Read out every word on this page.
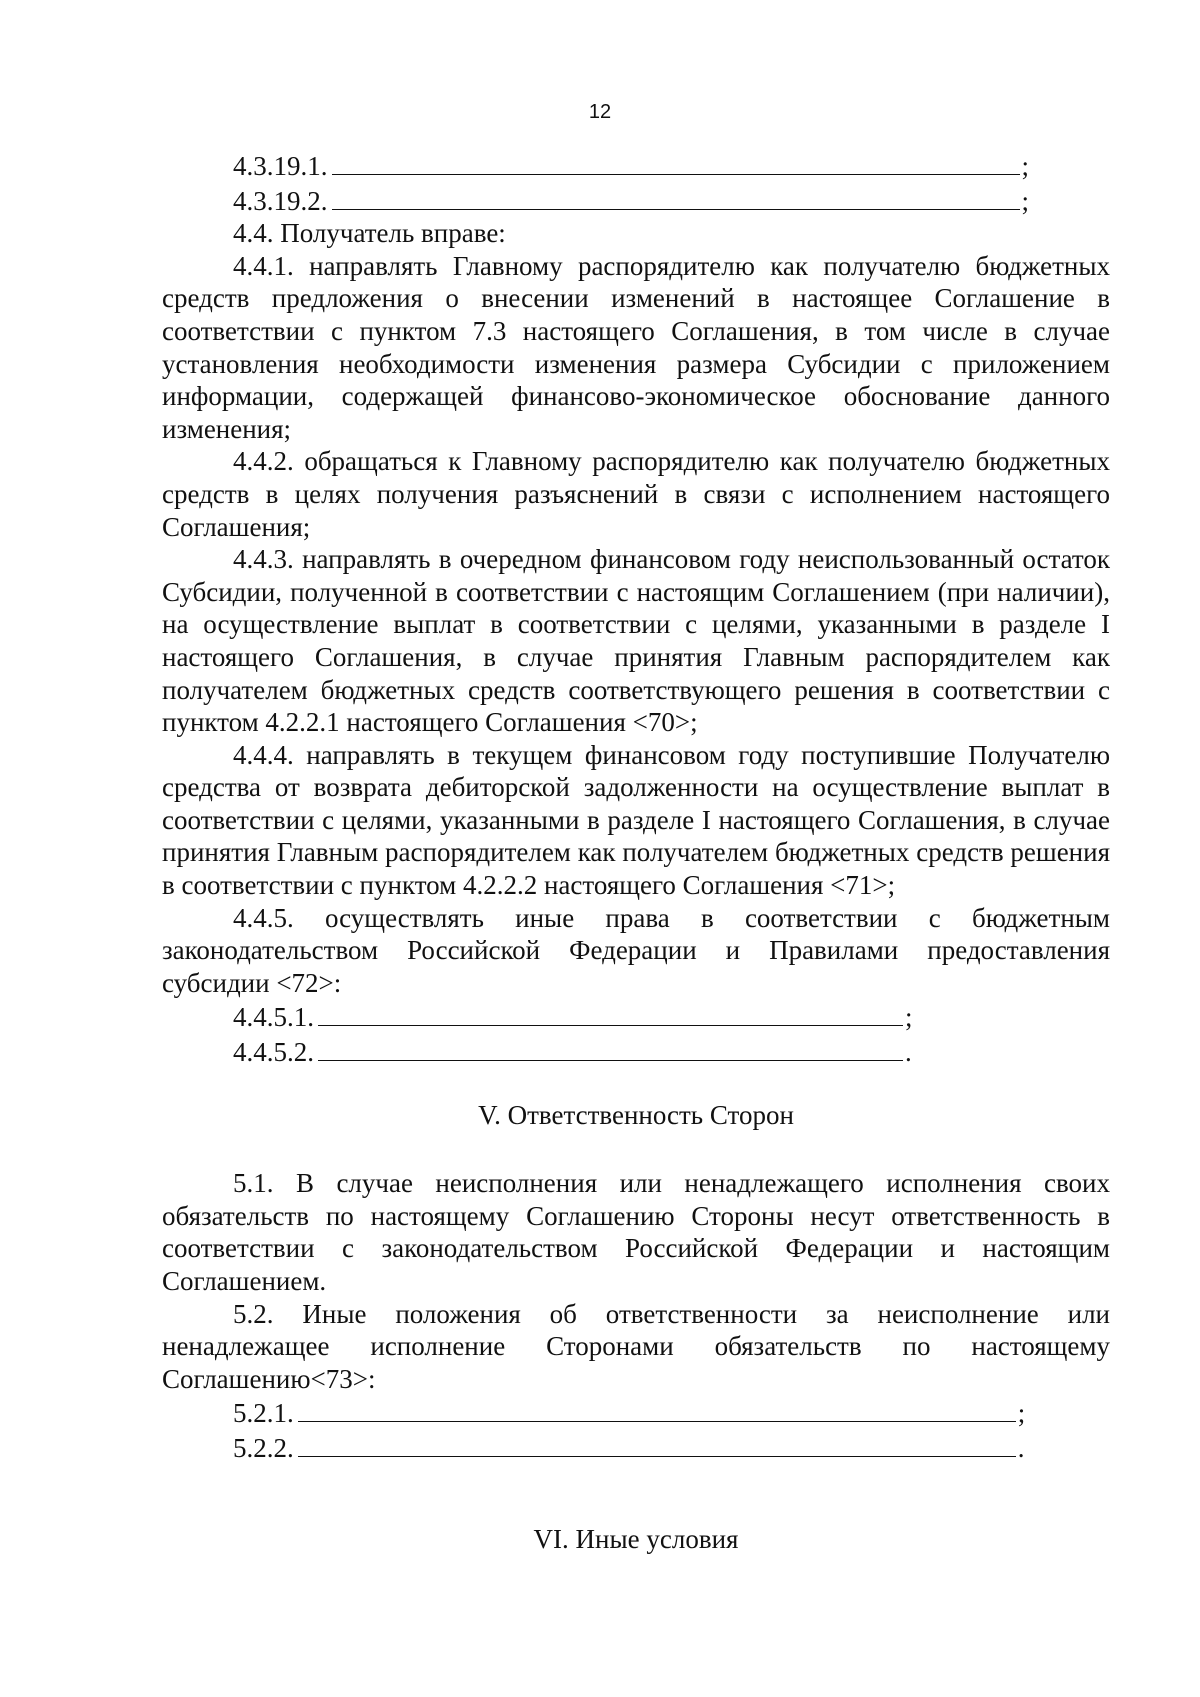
12
4.3.19.1.	;
4.3.19.2.	;

4.4. Получатель вправе:

4.4.1. направлять Главному распорядителю как получателю бюджетных средств предложения о внесении изменений в настоящее Соглашение в соответствии с пунктом 7.3 настоящего Соглашения, в том числе в случае установления необходимости изменения размера Субсидии с приложением информации, содержащей финансово-экономическое обоснование данного изменения;

4.4.2. обращаться к Главному распорядителю как получателю бюджетных средств в целях получения разъяснений в связи с исполнением настоящего Соглашения;

4.4.3. направлять в очередном финансовом году неиспользованный остаток Субсидии, полученной в соответствии с настоящим Соглашением (при наличии), на осуществление выплат в соответствии с целями, указанными в разделе I настоящего Соглашения, в случае принятия Главным распорядителем как получателем бюджетных средств соответствующего решения в соответствии с пунктом 4.2.2.1 настоящего Соглашения <70>;

4.4.4. направлять в текущем финансовом году поступившие Получателю средства от возврата дебиторской задолженности на осуществление выплат в соответствии с целями, указанными в разделе I настоящего Соглашения, в случае принятия Главным распорядителем как получателем бюджетных средств решения в соответствии с пунктом 4.2.2.2 настоящего Соглашения <71>;

4.4.5. осуществлять иные права в соответствии с бюджетным законодательством Российской Федерации и Правилами предоставления субсидии <72>:

4.4.5.1.	;
4.4.5.2.	.

V. Ответственность Сторон

5.1. В случае неисполнения или ненадлежащего исполнения своих обязательств по настоящему Соглашению Стороны несут ответственность в соответствии с законодательством Российской Федерации и настоящим Соглашением.

5.2. Иные положения об ответственности за неисполнение или ненадлежащее исполнение Сторонами обязательств по настоящему Соглашению<73>:

5.2.1.	;
5.2.2.	.

VI. Иные условия
